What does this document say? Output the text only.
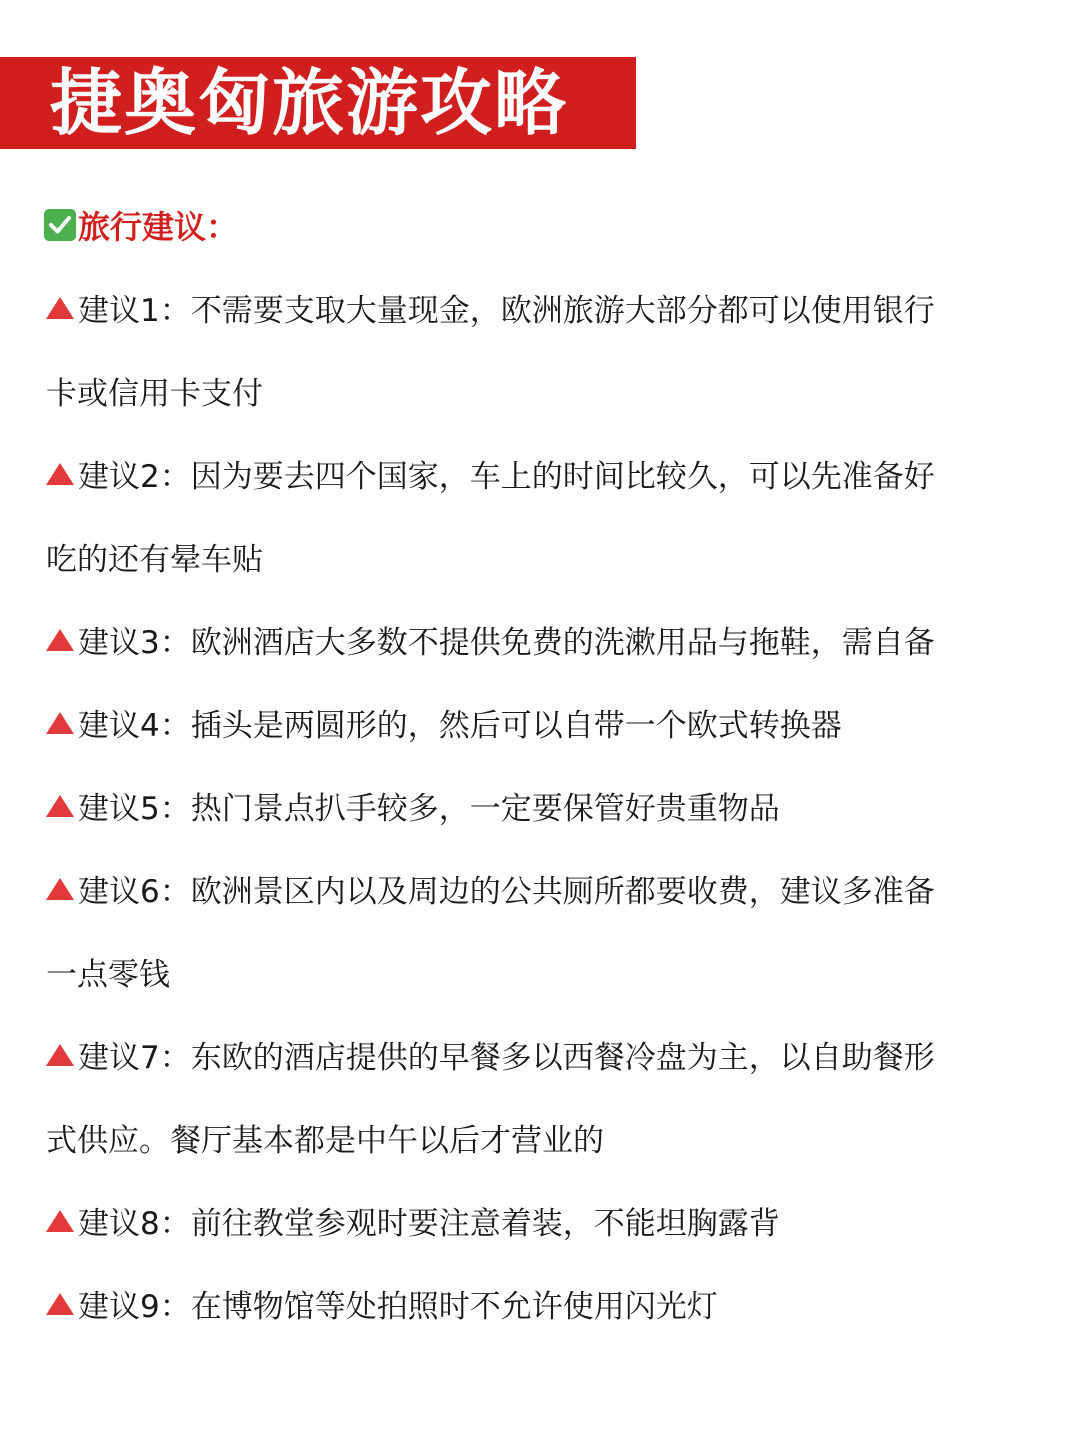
捷奥匈旅游攻略
旅行建议：
建议1：不需要支取大量现金，欧洲旅游大部分都可以使用银行
卡或信用卡支付
建议2：因为要去四个国家，车上的时间比较久，可以先准备好
吃的还有晕车贴
建议3：欧洲酒店大多数不提供免费的洗漱用品与拖鞋，需自备
建议4：插头是两圆形的，然后可以自带一个欧式转换器
建议5：热门景点扒手较多，一定要保管好贵重物品
建议6：欧洲景区内以及周边的公共厕所都要收费，建议多准备
一点零钱
建议7：东欧的酒店提供的早餐多以西餐冷盘为主，以自助餐形
式供应。餐厅基本都是中午以后才营业的
建议8：前往教堂参观时要注意着装，不能坦胸露背
建议9：在博物馆等处拍照时不允许使用闪光灯
